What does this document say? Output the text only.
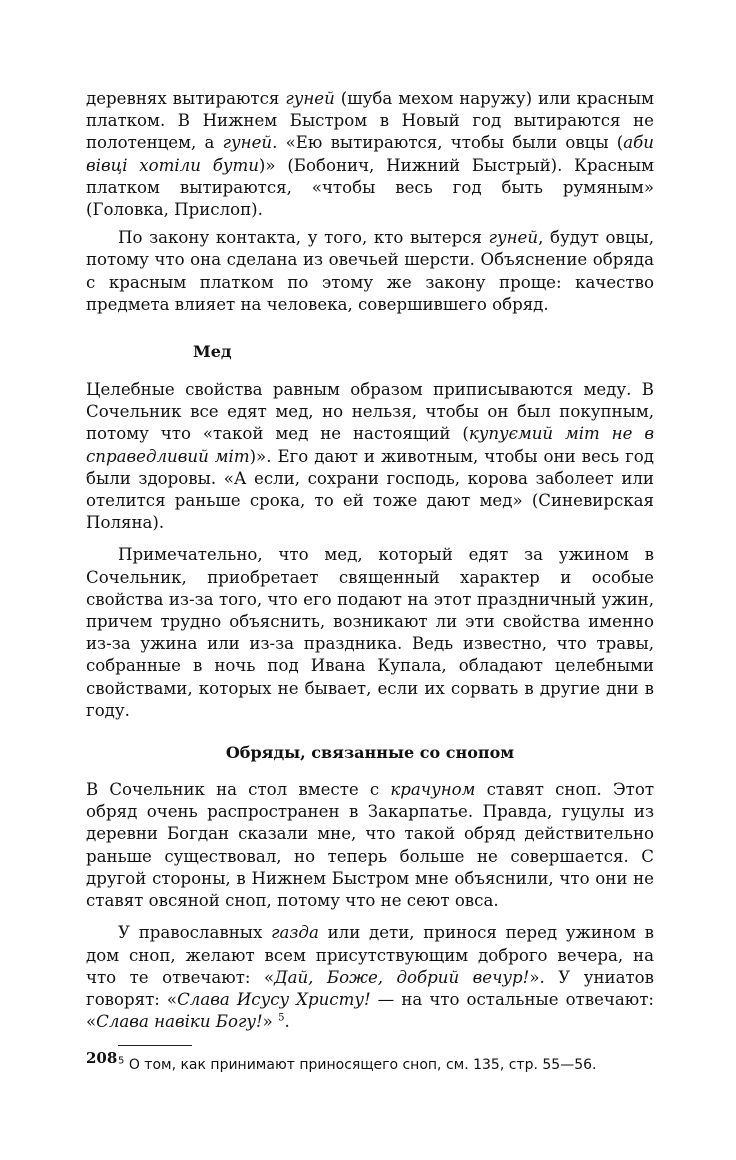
деревнях вытираются гуней (шуба мехом наружу) или красным платком. В Нижнем Быстром в Новый год вытираются не полотенцем, а гуней. «Ею вытираются, чтобы были овцы (аби вівці хотіли бути)» (Бобонич, Нижний Быстрый). Красным платком вытираются, «чтобы весь год быть румяным» (Головка, Прислоп).

По закону контакта, у того, кто вытерся гуней, будут овцы, потому что она сделана из овечьей шерсти. Объяснение обряда с красным платком по этому же закону проще: качество предмета влияет на человека, совершившего обряд.

Мед

Целебные свойства равным образом приписываются меду. В Сочельник все едят мед, но нельзя, чтобы он был покупным, потому что «такой мед не настоящий (купуємий міт не в справедливий міт)». Его дают и животным, чтобы они весь год были здоровы. «А если, сохрани господь, корова заболеет или отелится раньше срока, то ей тоже дают мед» (Синевирская Поляна).

Примечательно, что мед, который едят за ужином в Сочельник, приобретает священный характер и особые свойства из-за того, что его подают на этот праздничный ужин, причем трудно объяснить, возникают ли эти свойства именно из-за ужина или из-за праздника. Ведь известно, что травы, собранные в ночь под Ивана Купала, обладают целебными свойствами, которых не бывает, если их сорвать в другие дни в году.

Обряды, связанные со снопом

В Сочельник на стол вместе с крачуном ставят сноп. Этот обряд очень распространен в Закарпатье. Правда, гуцулы из деревни Богдан сказали мне, что такой обряд действительно раньше существовал, но теперь больше не совершается. С другой стороны, в Нижнем Быстром мне объяснили, что они не ставят овсяной сноп, потому что не сеют овса.

У православных газда или дети, принося перед ужином в дом сноп, желают всем присутствующим доброго вечера, на что те отвечают: «Дай, Боже, добрий вечур!». У униатов говорят: «Слава Исусу Христу! — на что остальные отвечают: «Слава навіки Богу!» $^5$.

$^5$ О том, как принимают приносящего сноп, см. 135, стр. 55—56.

208
